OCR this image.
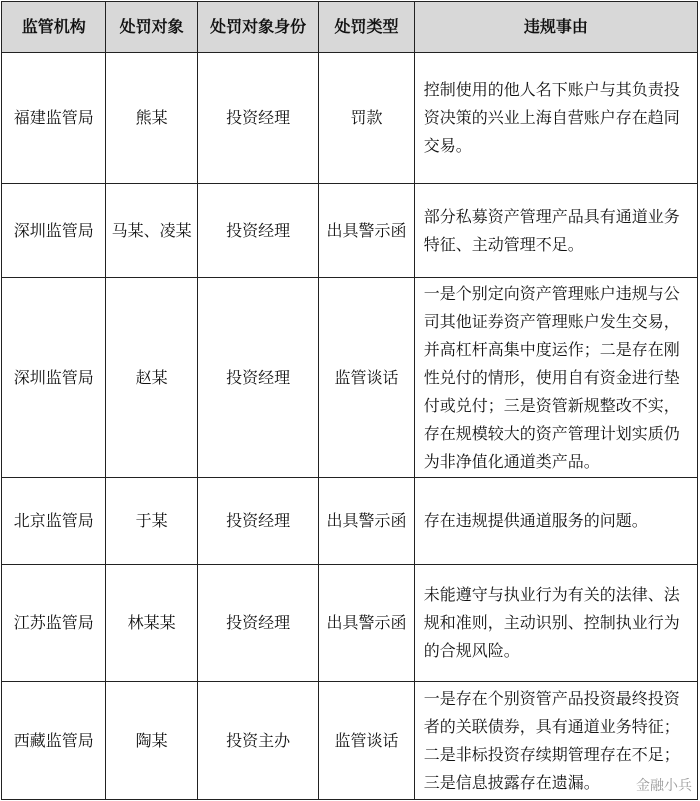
监管机构	处罚对象	处罚对象身份	处罚类型	违规事由
福建监管局	熊某	投资经理	罚款	控制使用的他人名下账户与其负责投资决策的兴业上海自营账户存在趋同交易。
深圳监管局	马某、凌某	投资经理	出具警示函	部分私募资产管理产品具有通道业务特征、主动管理不足。
深圳监管局	赵某	投资经理	监管谈话	一是个别定向资产管理账户违规与公司其他证券资产管理账户发生交易，并高杠杆高集中度运作；二是存在刚性兑付的情形，使用自有资金进行垫付或兑付；三是资管新规整改不实，存在规模较大的资产管理计划实质仍为非净值化通道类产品。
北京监管局	于某	投资经理	出具警示函	存在违规提供通道服务的问题。
江苏监管局	林某某	投资经理	出具警示函	未能遵守与执业行为有关的法律、法规和准则，主动识别、控制执业行为的合规风险。
西藏监管局	陶某	投资主办	监管谈话	一是存在个别资管产品投资最终投资者的关联债券，具有通道业务特征；二是非标投资存续期管理存在不足；三是信息披露存在遗漏。	金融小兵
